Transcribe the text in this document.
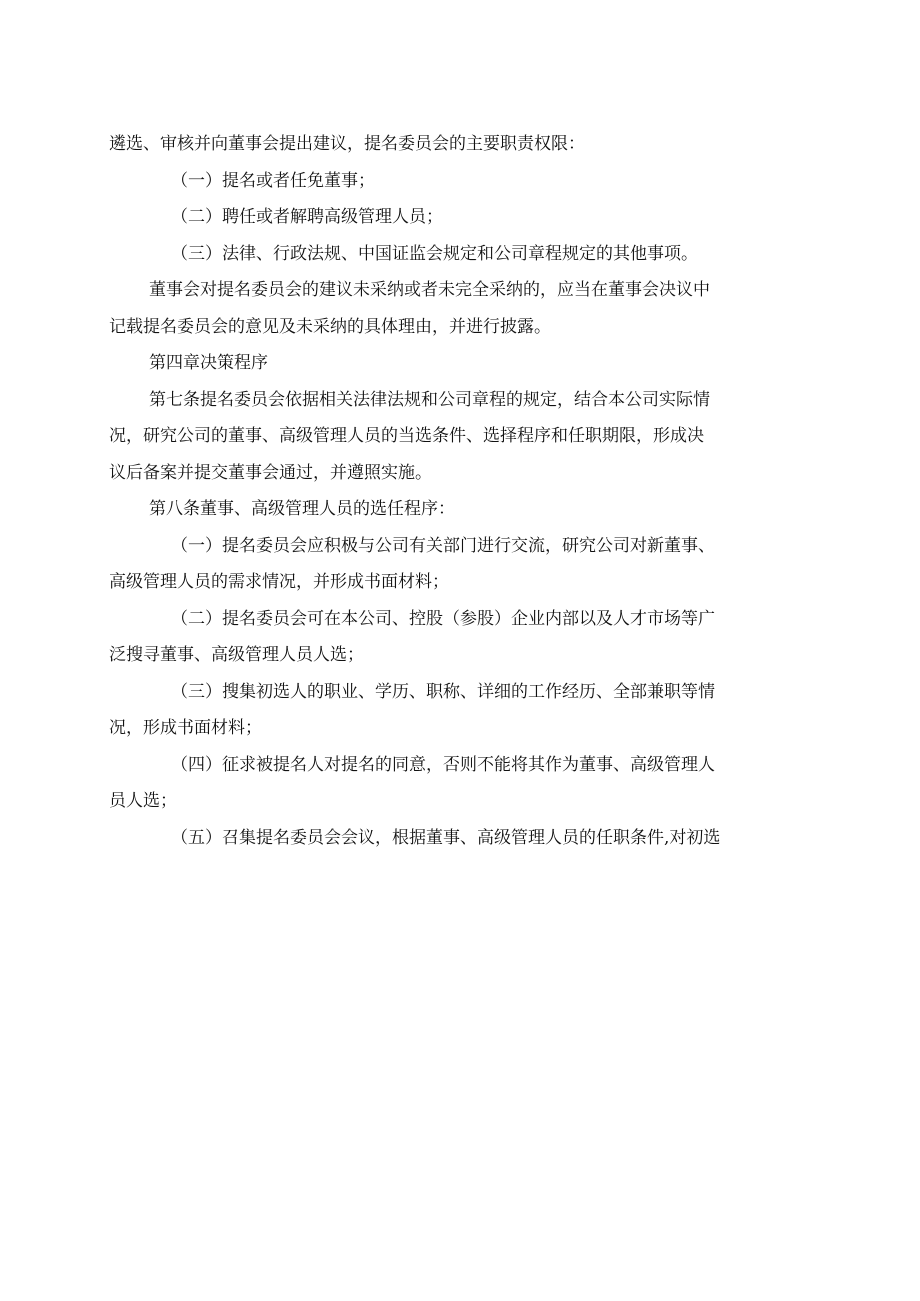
遴选、审核并向董事会提出建议，提名委员会的主要职责权限：

（一）提名或者任免董事；

（二）聘任或者解聘高级管理人员；

（三）法律、行政法规、中国证监会规定和公司章程规定的其他事项。

董事会对提名委员会的建议未采纳或者未完全采纳的，应当在董事会决议中
记载提名委员会的意见及未采纳的具体理由，并进行披露。

第四章决策程序

第七条提名委员会依据相关法律法规和公司章程的规定，结合本公司实际情
况，研究公司的董事、高级管理人员的当选条件、选择程序和任职期限，形成决
议后备案并提交董事会通过，并遵照实施。

第八条董事、高级管理人员的选任程序：

（一）提名委员会应积极与公司有关部门进行交流，研究公司对新董事、
高级管理人员的需求情况，并形成书面材料；

（二）提名委员会可在本公司、控股（参股）企业内部以及人才市场等广
泛搜寻董事、高级管理人员人选；

（三）搜集初选人的职业、学历、职称、详细的工作经历、全部兼职等情
况，形成书面材料；

（四）征求被提名人对提名的同意，否则不能将其作为董事、高级管理人
员人选；

（五）召集提名委员会会议，根据董事、高级管理人员的任职条件,对初选
